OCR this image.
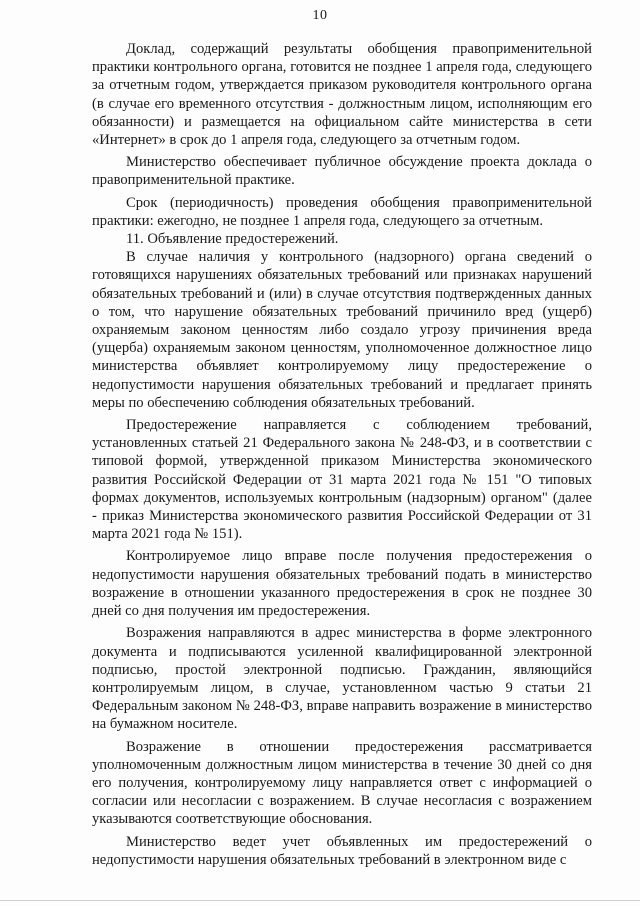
10

Доклад, содержащий результаты обобщения правоприменительной практики контрольного органа, готовится не позднее 1 апреля года, следующего за отчетным годом, утверждается приказом руководителя контрольного органа (в случае его временного отсутствия - должностным лицом, исполняющим его обязанности) и размещается на официальном сайте министерства в сети «Интернет» в срок до 1 апреля года, следующего за отчетным годом.

Министерство обеспечивает публичное обсуждение проекта доклада о правоприменительной практике.

Срок (периодичность) проведения обобщения правоприменительной практики: ежегодно, не позднее 1 апреля года, следующего за отчетным.

11. Объявление предостережений.

В случае наличия у контрольного (надзорного) органа сведений о готовящихся нарушениях обязательных требований или признаках нарушений обязательных требований и (или) в случае отсутствия подтвержденных данных о том, что нарушение обязательных требований причинило вред (ущерб) охраняемым законом ценностям либо создало угрозу причинения вреда (ущерба) охраняемым законом ценностям, уполномоченное должностное лицо министерства объявляет контролируемому лицу предостережение о недопустимости нарушения обязательных требований и предлагает принять меры по обеспечению соблюдения обязательных требований.

Предостережение направляется с соблюдением требований, установленных статьей 21 Федерального закона № 248-ФЗ, и в соответствии с типовой формой, утвержденной приказом Министерства экономического развития Российской Федерации от 31 марта 2021 года № 151 "О типовых формах документов, используемых контрольным (надзорным) органом" (далее - приказ Министерства экономического развития Российской Федерации от 31 марта 2021 года № 151).

Контролируемое лицо вправе после получения предостережения о недопустимости нарушения обязательных требований подать в министерство возражение в отношении указанного предостережения в срок не позднее 30 дней со дня получения им предостережения.

Возражения направляются в адрес министерства в форме электронного документа и подписываются усиленной квалифицированной электронной подписью, простой электронной подписью. Гражданин, являющийся контролируемым лицом, в случае, установленном частью 9 статьи 21 Федеральным законом № 248-ФЗ, вправе направить возражение в министерство на бумажном носителе.

Возражение в отношении предостережения рассматривается уполномоченным должностным лицом министерства в течение 30 дней со дня его получения, контролируемому лицу направляется ответ с информацией о согласии или несогласии с возражением. В случае несогласия с возражением указываются соответствующие обоснования.

Министерство ведет учет объявленных им предостережений о недопустимости нарушения обязательных требований в электронном виде с
